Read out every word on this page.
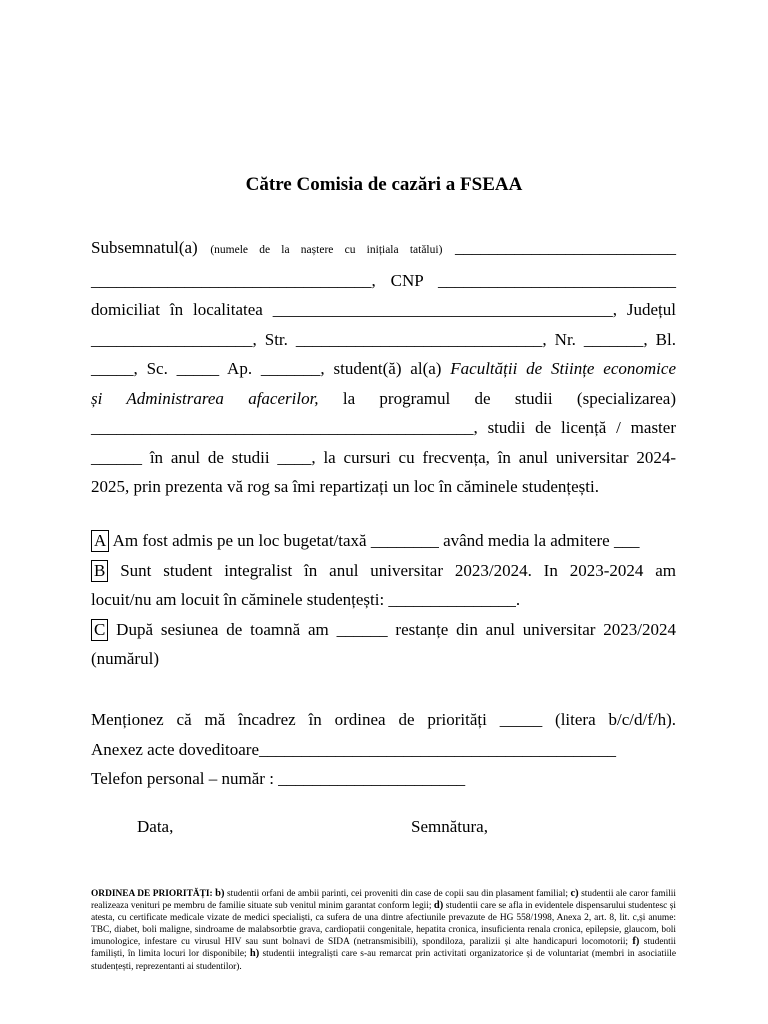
Către Comisia de cazări a FSEAA
Subsemnatul(a) (numele de la naștere cu inițiala tatălui) __________________________
_________________________________, CNP ____________________________
domiciliat în localitatea ________________________________________, Județul
___________________, Str. _____________________________, Nr. _______, Bl.
_____, Sc. _____ Ap. _______, student(ă) al(a) Facultății de Stiințe economice
și Administrarea afacerilor, la programul de studii (specializarea)
_____________________________________________, studii de licență / master
______ în anul de studii ____, la cursuri cu frecvența, în anul universitar 2024-
2025, prin prezenta vă rog sa îmi repartizați un loc în căminele studențești.
A Am fost admis pe un loc bugetat/taxă ________ având media la admitere ___
B Sunt student integralist în anul universitar 2023/2024. In 2023-2024 am
locuit/nu am locuit în căminele studențești: _______________.
C După sesiunea de toamnă am ______ restanțe din anul universitar 2023/2024
(numărul)
Menționez că mă încadrez în ordinea de priorități _____ (litera b/c/d/f/h).
Anexez acte doveditoare__________________________________________
Telefon personal – număr : ______________________
Data,	Semnătura,
ORDINEA DE PRIORITĂȚI: b) studentii orfani de ambii parinti, cei proveniti din case de copii sau din plasament familial; c) studentii ale caror familii realizeaza venituri pe membru de familie situate sub venitul minim garantat conform legii; d) studentii care se afla in evidentele dispensarului studentesc și atesta, cu certificate medicale vizate de medici specialiști, ca sufera de una dintre afectiunile prevazute de HG 558/1998, Anexa 2, art. 8, lit. c,și anume: TBC, diabet, boli maligne, sindroame de malabsorbtie grava, cardiopatii congenitale, hepatita cronica, insuficienta renala cronica, epilepsie, glaucom, boli imunologice, infestare cu virusul HIV sau sunt bolnavi de SIDA (netransmisibili), spondiloza, paralizii și alte handicapuri locomotorii; f) studentii familiști, în limita locuri lor disponibile; h) studentii integraliști care s-au remarcat prin activitati organizatorice și de voluntariat (membri in asociatiile studențești, reprezentanti ai studentilor).
